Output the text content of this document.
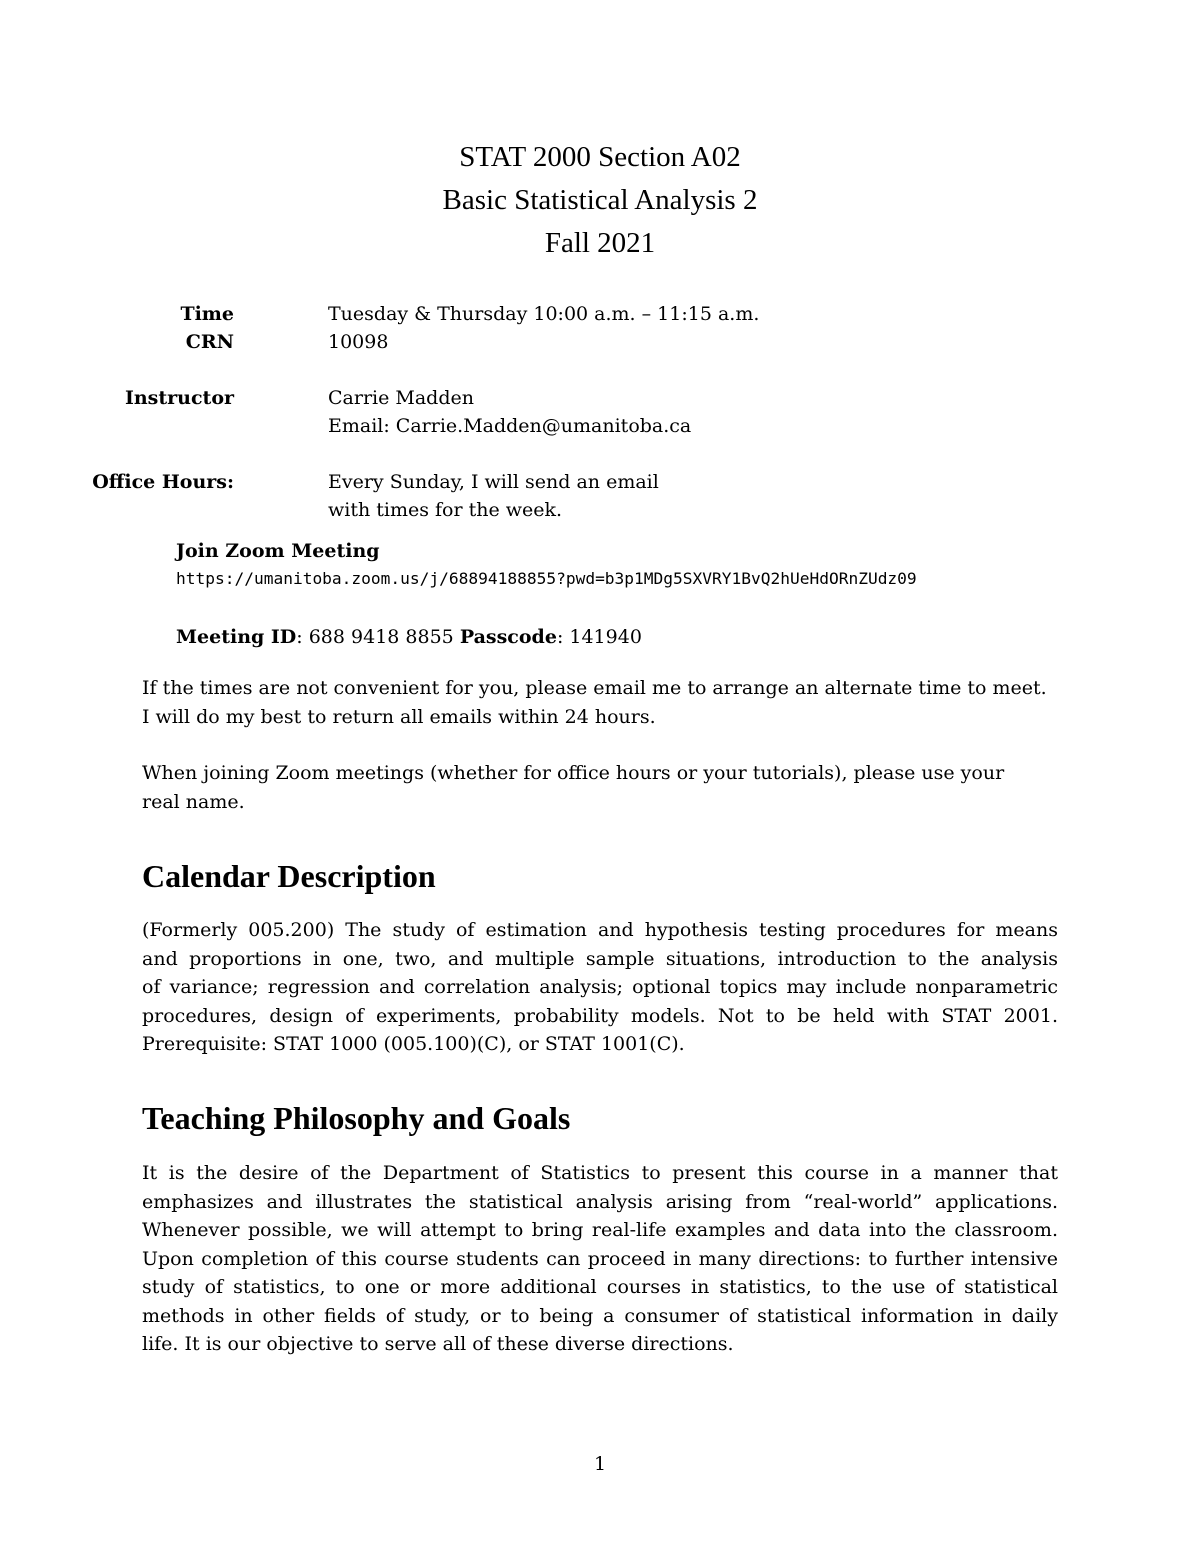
STAT 2000 Section A02
Basic Statistical Analysis 2
Fall 2021
Time	Tuesday & Thursday 10:00 a.m. – 11:15 a.m.
CRN	10098
Instructor	Carrie Madden
Email: Carrie.Madden@umanitoba.ca
Office Hours:	Every Sunday, I will send an email
with times for the week.
Join Zoom Meeting
https://umanitoba.zoom.us/j/68894188855?pwd=b3p1MDg5SXVRY1BvQ2hUeHdORnZUdz09
Meeting ID: 688 9418 8855 Passcode: 141940

If the times are not convenient for you, please email me to arrange an alternate time to meet.
I will do my best to return all emails within 24 hours.

When joining Zoom meetings (whether for office hours or your tutorials), please use your
real name.

Calendar Description

(Formerly 005.200) The study of estimation and hypothesis testing procedures for means
and proportions in one, two, and multiple sample situations, introduction to the analysis
of variance; regression and correlation analysis; optional topics may include nonparametric
procedures, design of experiments, probability models. Not to be held with STAT 2001.
Prerequisite: STAT 1000 (005.100)(C), or STAT 1001(C).

Teaching Philosophy and Goals

It is the desire of the Department of Statistics to present this course in a manner that
emphasizes and illustrates the statistical analysis arising from “real-world” applications.
Whenever possible, we will attempt to bring real-life examples and data into the classroom.
Upon completion of this course students can proceed in many directions: to further intensive
study of statistics, to one or more additional courses in statistics, to the use of statistical
methods in other fields of study, or to being a consumer of statistical information in daily
life. It is our objective to serve all of these diverse directions.

1
